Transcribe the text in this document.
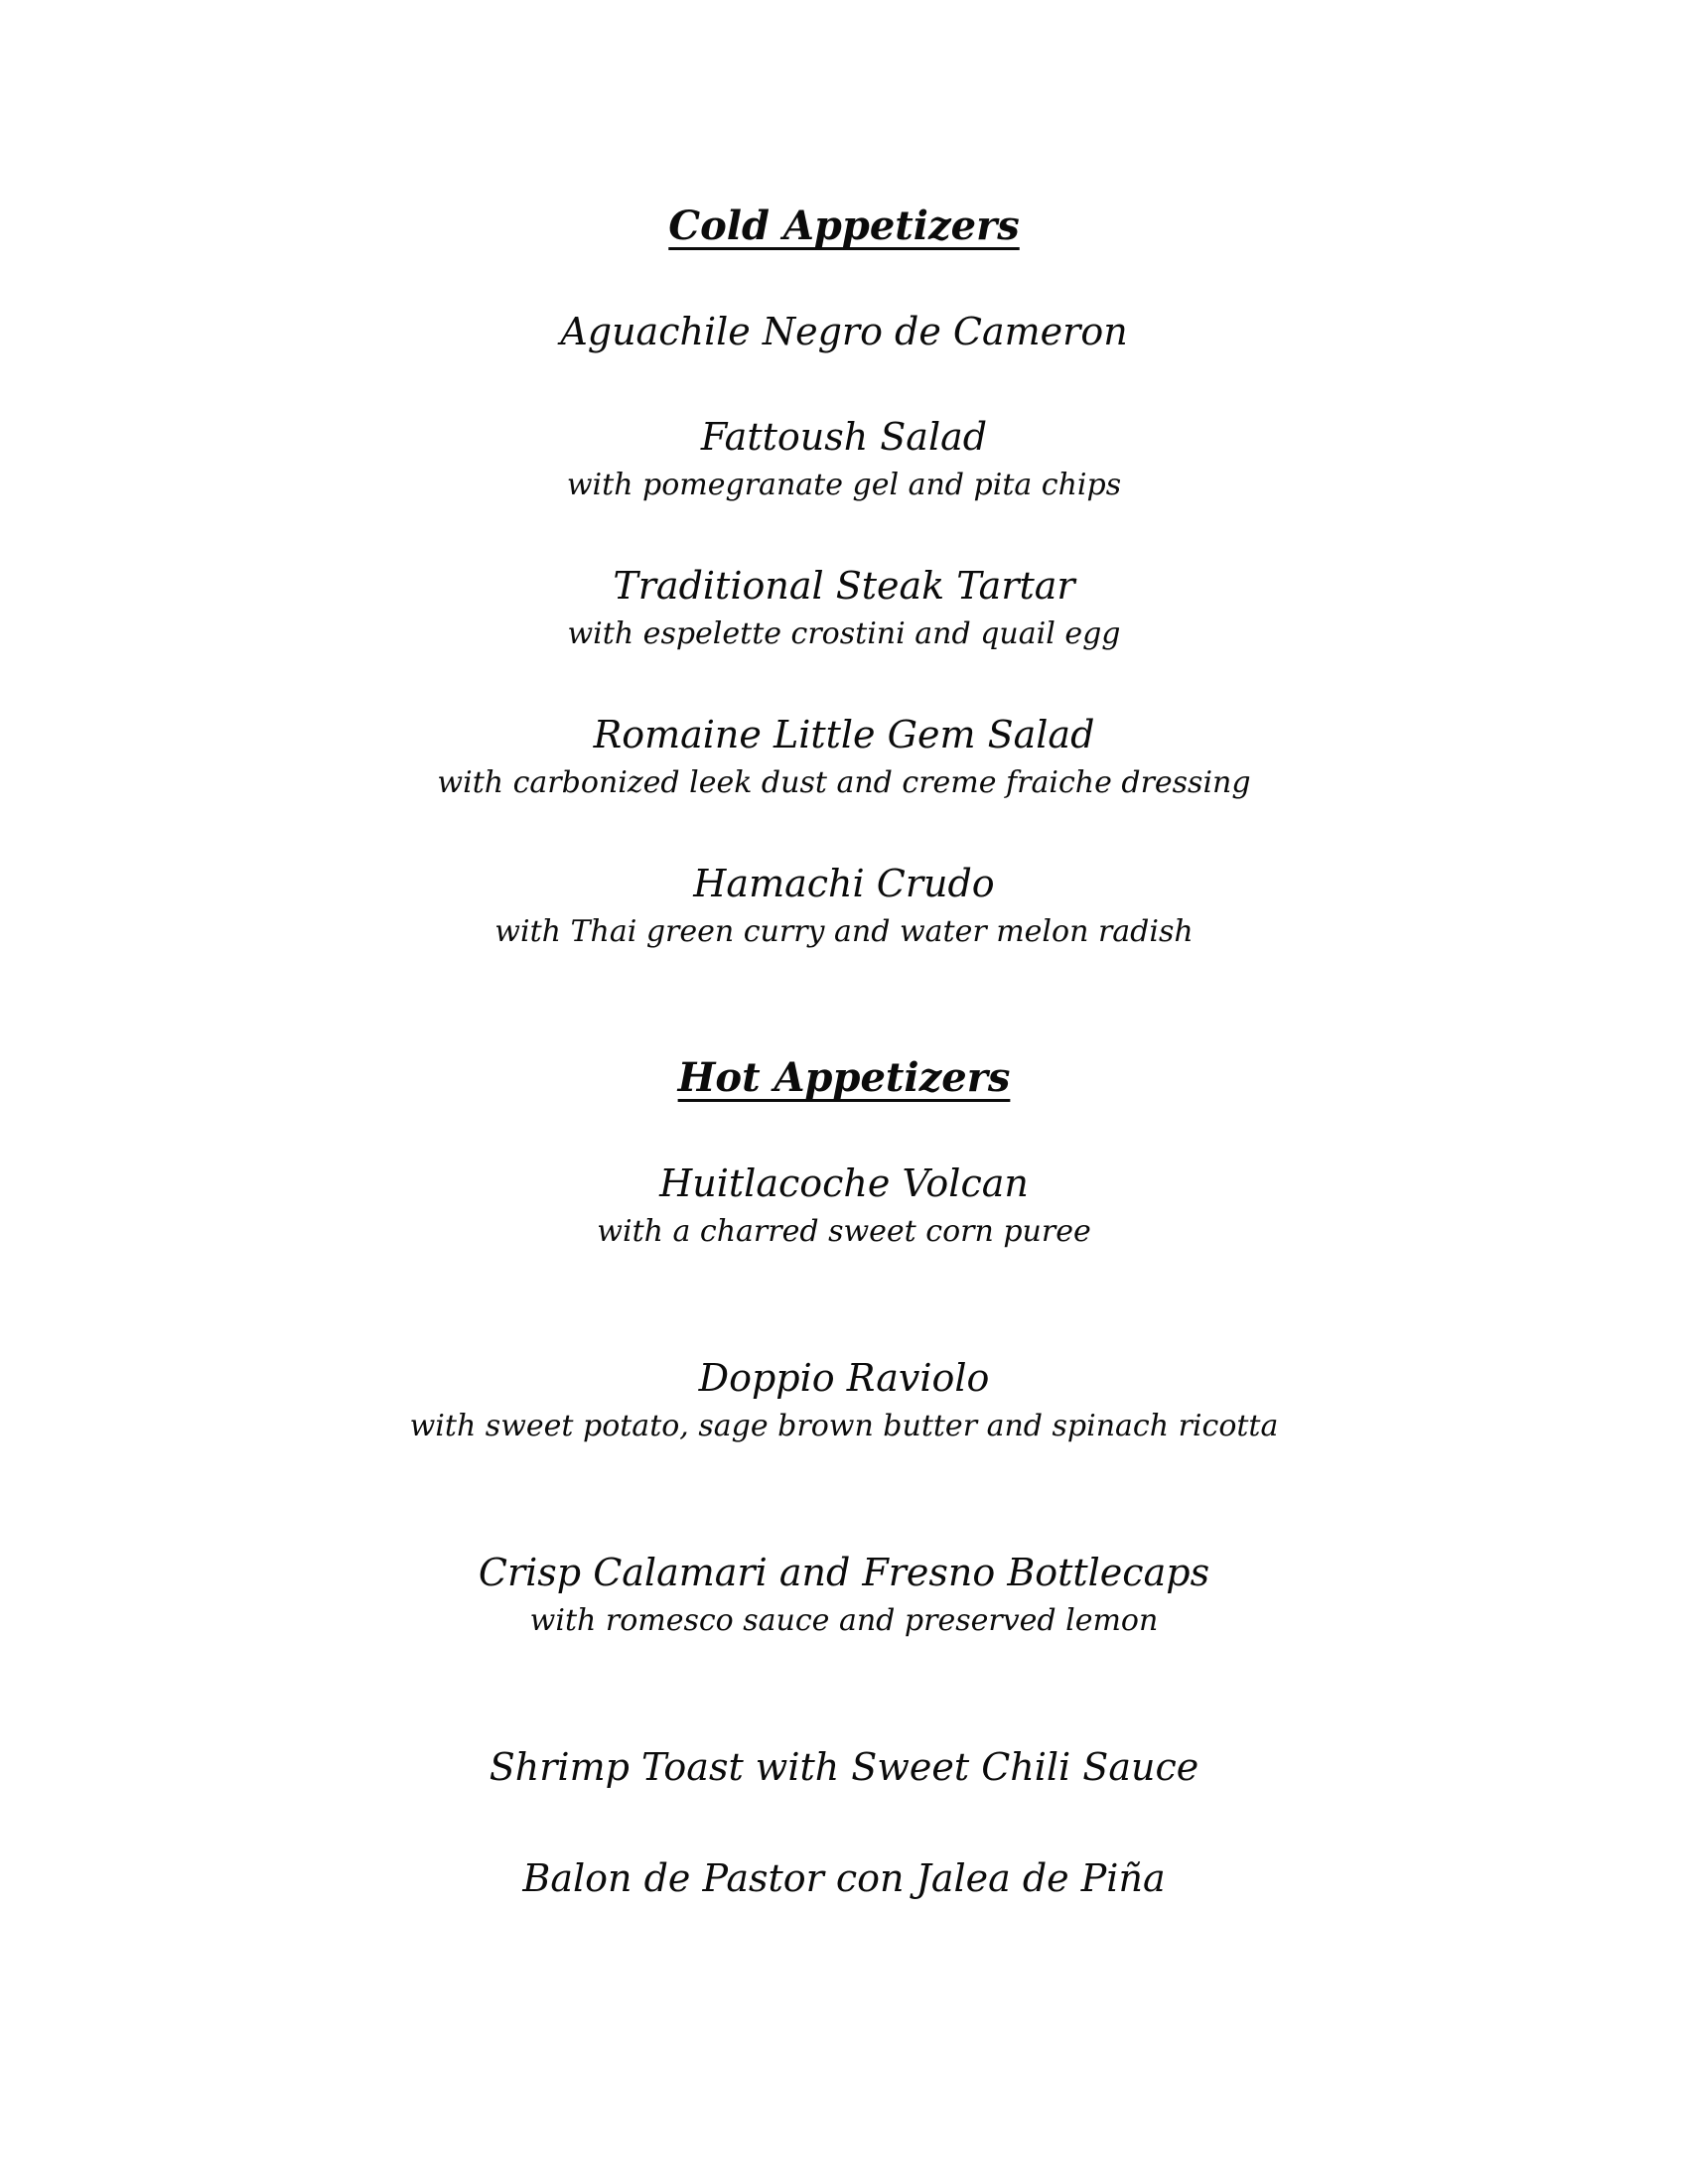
Cold Appetizers
Aguachile Negro de Cameron
Fattoush Salad
with pomegranate gel and pita chips
Traditional Steak Tartar
with espelette crostini and quail egg
Romaine Little Gem Salad
with carbonized leek dust and creme fraiche dressing
Hamachi Crudo
with Thai green curry and water melon radish
Hot Appetizers
Huitlacoche Volcan
with a charred sweet corn puree
Doppio Raviolo
with sweet potato, sage brown butter and spinach ricotta
Crisp Calamari and Fresno Bottlecaps
with romesco sauce and preserved lemon
Shrimp Toast with Sweet Chili Sauce
Balon de Pastor con Jalea de Piña
